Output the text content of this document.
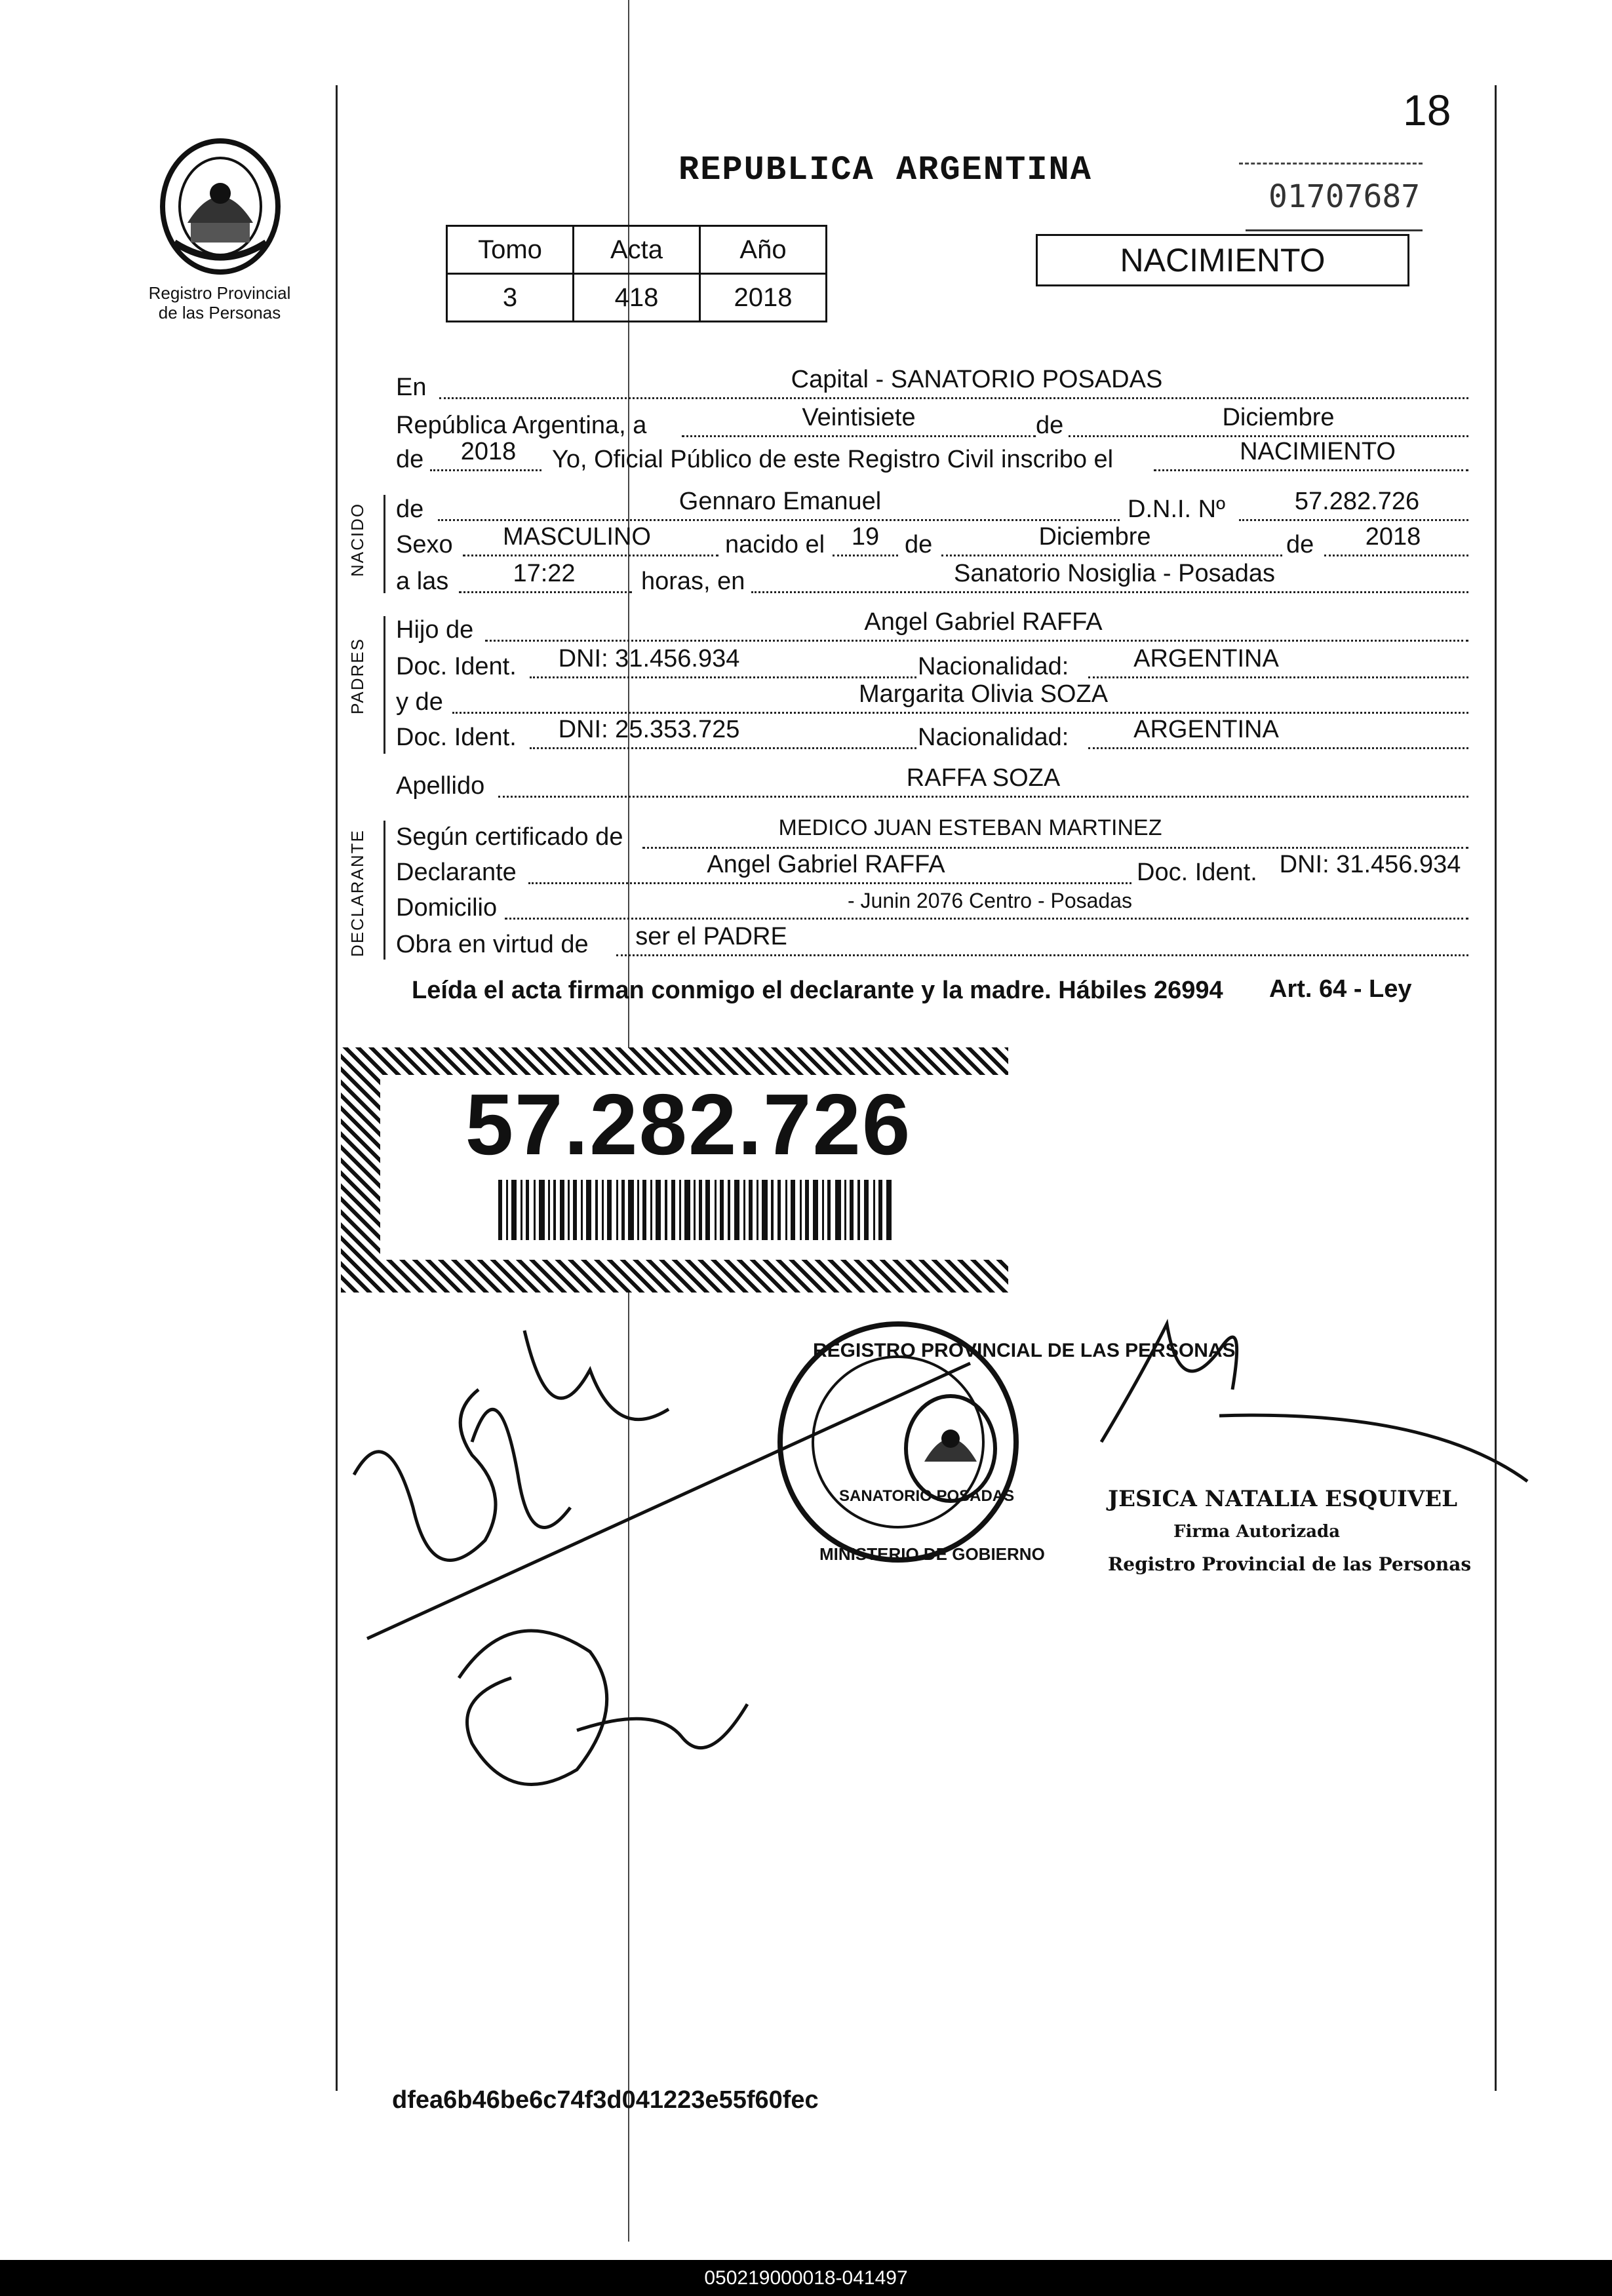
18
REPUBLICA ARGENTINA
01707687
Registro Provincial
de las Personas
Tomo	Acta	Año
3	418	2018
NACIMIENTO
NACIDO
PADRES
DECLARANTE
En	Capital - SANATORIO POSADAS
República Argentina, a	Veintisiete	de	Diciembre
de	2018	Yo, Oficial Público de este Registro Civil inscribo el	NACIMIENTO
de	Gennaro Emanuel	D.N.I. Nº	57.282.726
Sexo	MASCULINO	nacido el	19	de	Diciembre	de	2018
a las	17:22	horas, en	Sanatorio Nosiglia - Posadas
Hijo de	Angel Gabriel RAFFA
Doc. Ident.	DNI: 31.456.934	Nacionalidad:	ARGENTINA
y de	Margarita Olivia SOZA
Doc. Ident.	DNI: 25.353.725	Nacionalidad:	ARGENTINA
Apellido	RAFFA SOZA
Según certificado de	MEDICO JUAN ESTEBAN MARTINEZ
Declarante	Angel Gabriel RAFFA	Doc. Ident. DNI: 31.456.934
Domicilio	- Junin 2076 Centro - Posadas
Obra en virtud de	ser el PADRE
Leída el acta firman conmigo el declarante y la madre. Hábiles 26994	Art. 64 - Ley
57.282.726
REGISTRO PROVINCIAL DE LAS PERSONAS
SANATORIO POSADAS
MINISTERIO DE GOBIERNO
JESICA NATALIA ESQUIVEL
Firma Autorizada
Registro Provincial de las Personas
dfea6b46be6c74f3d041223e55f60fec
050219000018-041497
